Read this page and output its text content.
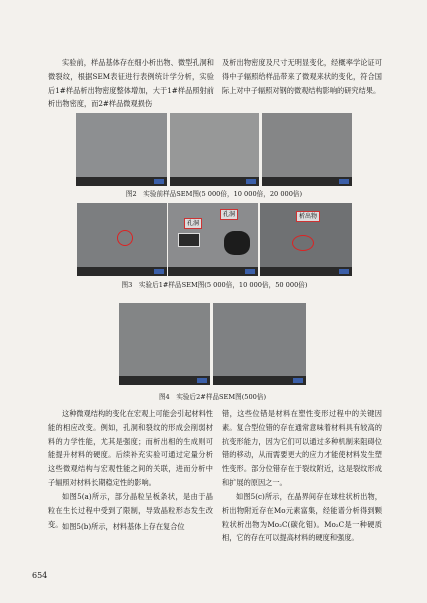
实验前，样品基体存在细小析出物、微型孔洞和微裂纹，根据SEM表征进行表例统计学分析，实验后1#样品析出物密度整体增加，大于1#样品照射前析出物密度，而2#样品微观损伤
及析出物密度及尺寸无明显变化，经概率学论证可得中子辐照给样品带来了微观来状的变化，符合国际上对中子辐照对钢的微观结构影响的研究结果。
图2　实验前样品SEM图(5 000倍，10 000倍，20 000倍)
孔洞
孔洞	析出物
图3　实验后1#样品SEM图(5 000倍，10 000倍，50 000倍)
图4　实验后2#样品SEM图(500倍)
这种微观结构的变化在宏观上可能会引起材料性能的相应改变。例如，孔洞和裂纹的形成会削弱材料的力学性能，尤其是强度；而析出相的生成则可能提升材料的硬度。后续补充实验可通过定量分析这些微观结构与宏观性能之间的关联，进而分析中子辐照对材料长期稳定性的影响。
如图5(a)所示，部分晶粒呈板条状，是由于晶粒在生长过程中受到了限制，导致晶粒形态发生改变。 如图5(b)所示，材料基体上存在复合位
错，这些位错是材料在塑性变形过程中的关键因素。复合型位错的存在通常意味着材料具有较高的抗变形能力，因为它们可以通过多种机制来阻碍位错的移动，从而需要更大的应力才能使材料发生塑性变形。部分位错存在于裂纹附近，这是裂纹形成和扩展的原因之一。
如图5(c)所示，在晶界间存在球柱状析出物，析出物附近存在Mo元素富集，经能谱分析得到颗粒状析出物为Mo₂C(碳化钼)。Mo₂C是一种硬质相，它的存在可以提高材料的硬度和强度。
654
